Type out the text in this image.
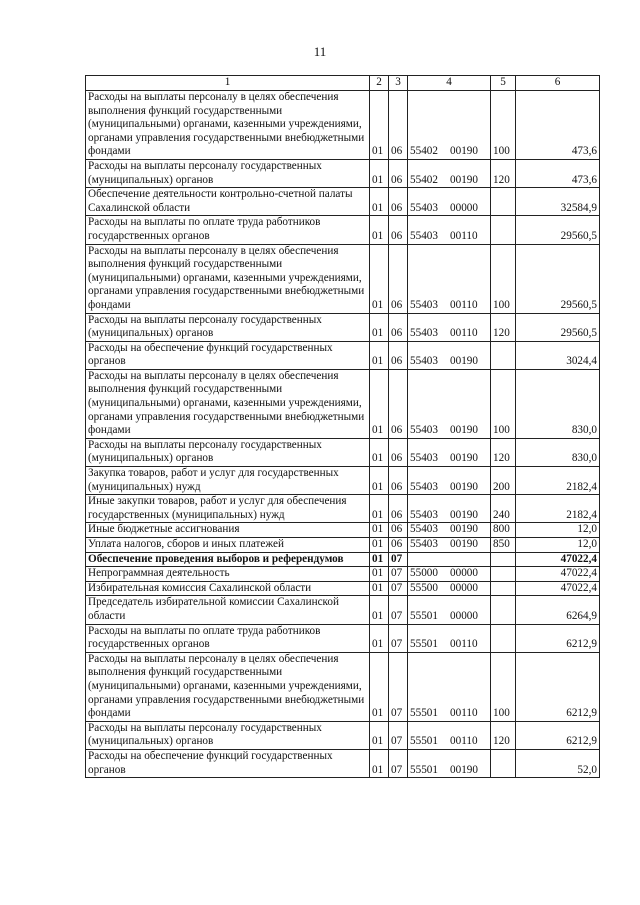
11
1	2	3	4	5	6
Расходы на выплаты персоналу в целях обеспечения выполнения функций государственными (муниципальными) органами, казенными учреждениями, органами управления государственными внебюджетными фондами	01	06	55402 00190	100	473,6
Расходы на выплаты персоналу государственных (муниципальных) органов	01	06	55402 00190	120	473,6
Обеспечение деятельности контрольно-счетной палаты Сахалинской области	01	06	55403 00000		32584,9
Расходы на выплаты по оплате труда работников государственных органов	01	06	55403 00110		29560,5
Расходы на выплаты персоналу в целях обеспечения выполнения функций государственными (муниципальными) органами, казенными учреждениями, органами управления государственными внебюджетными фондами	01	06	55403 00110	100	29560,5
Расходы на выплаты персоналу государственных (муниципальных) органов	01	06	55403 00110	120	29560,5
Расходы на обеспечение функций государственных органов	01	06	55403 00190		3024,4
Расходы на выплаты персоналу в целях обеспечения выполнения функций государственными (муниципальными) органами, казенными учреждениями, органами управления государственными внебюджетными фондами	01	06	55403 00190	100	830,0
Расходы на выплаты персоналу государственных (муниципальных) органов	01	06	55403 00190	120	830,0
Закупка товаров, работ и услуг для государственных (муниципальных) нужд	01	06	55403 00190	200	2182,4
Иные закупки товаров, работ и услуг для обеспечения государственных (муниципальных) нужд	01	06	55403 00190	240	2182,4
Иные бюджетные ассигнования	01	06	55403 00190	800	12,0
Уплата налогов, сборов и иных платежей	01	06	55403 00190	850	12,0
Обеспечение проведения выборов и референдумов	01	07			47022,4
Непрограммная деятельность	01	07	55000 00000		47022,4
Избирательная комиссия Сахалинской области	01	07	55500 00000		47022,4
Председатель избирательной комиссии Сахалинской области	01	07	55501 00000		6264,9
Расходы на выплаты по оплате труда работников государственных органов	01	07	55501 00110		6212,9
Расходы на выплаты персоналу в целях обеспечения выполнения функций государственными (муниципальными) органами, казенными учреждениями, органами управления государственными внебюджетными фондами	01	07	55501 00110	100	6212,9
Расходы на выплаты персоналу государственных (муниципальных) органов	01	07	55501 00110	120	6212,9
Расходы на обеспечение функций государственных органов	01	07	55501 00190		52,0
